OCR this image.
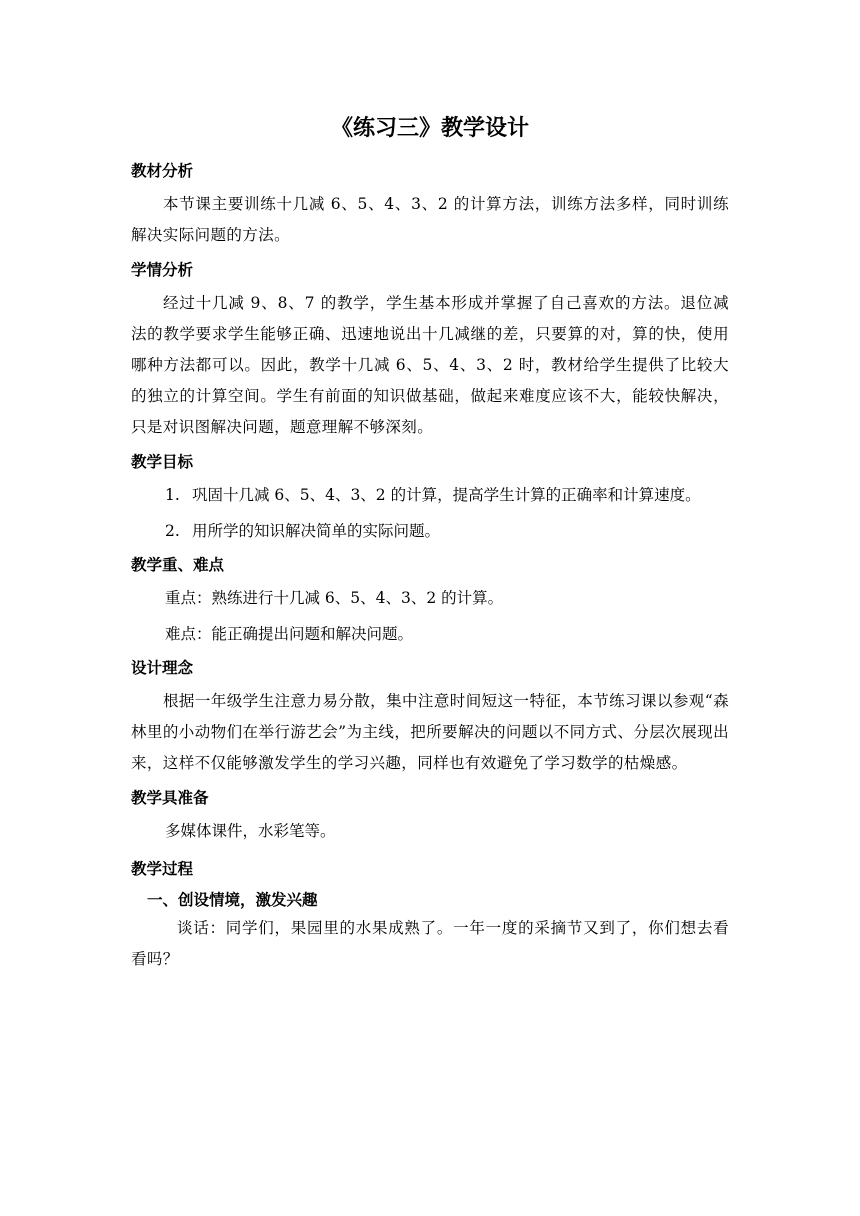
《练习三》教学设计
教材分析

本节课主要训练十几减 6、5、4、3、2 的计算方法，训练方法多样，同时训练解决实际问题的方法。

学情分析

经过十几减 9、8、7 的教学，学生基本形成并掌握了自己喜欢的方法。退位减法的教学要求学生能够正确、迅速地说出十几减继的差，只要算的对，算的快，使用哪种方法都可以。因此，教学十几减 6、5、4、3、2 时，教材给学生提供了比较大的独立的计算空间。学生有前面的知识做基础，做起来难度应该不大，能较快解决，只是对识图解决问题，题意理解不够深刻。

教学目标
1. 巩固十几减 6、5、4、3、2 的计算，提高学生计算的正确率和计算速度。
2. 用所学的知识解决简单的实际问题。
教学重、难点
重点：熟练进行十几减 6、5、4、3、2 的计算。
难点：能正确提出问题和解决问题。
设计理念

根据一年级学生注意力易分散，集中注意时间短这一特征，本节练习课以参观“森林里的小动物们在举行游艺会”为主线，把所要解决的问题以不同方式、分层次展现出来，这样不仅能够激发学生的学习兴趣，同样也有效避免了学习数学的枯燥感。

教学具准备
多媒体课件，水彩笔等。
教学过程
一、创设情境，激发兴趣

谈话：同学们，果园里的水果成熟了。一年一度的采摘节又到了，你们想去看看吗？
